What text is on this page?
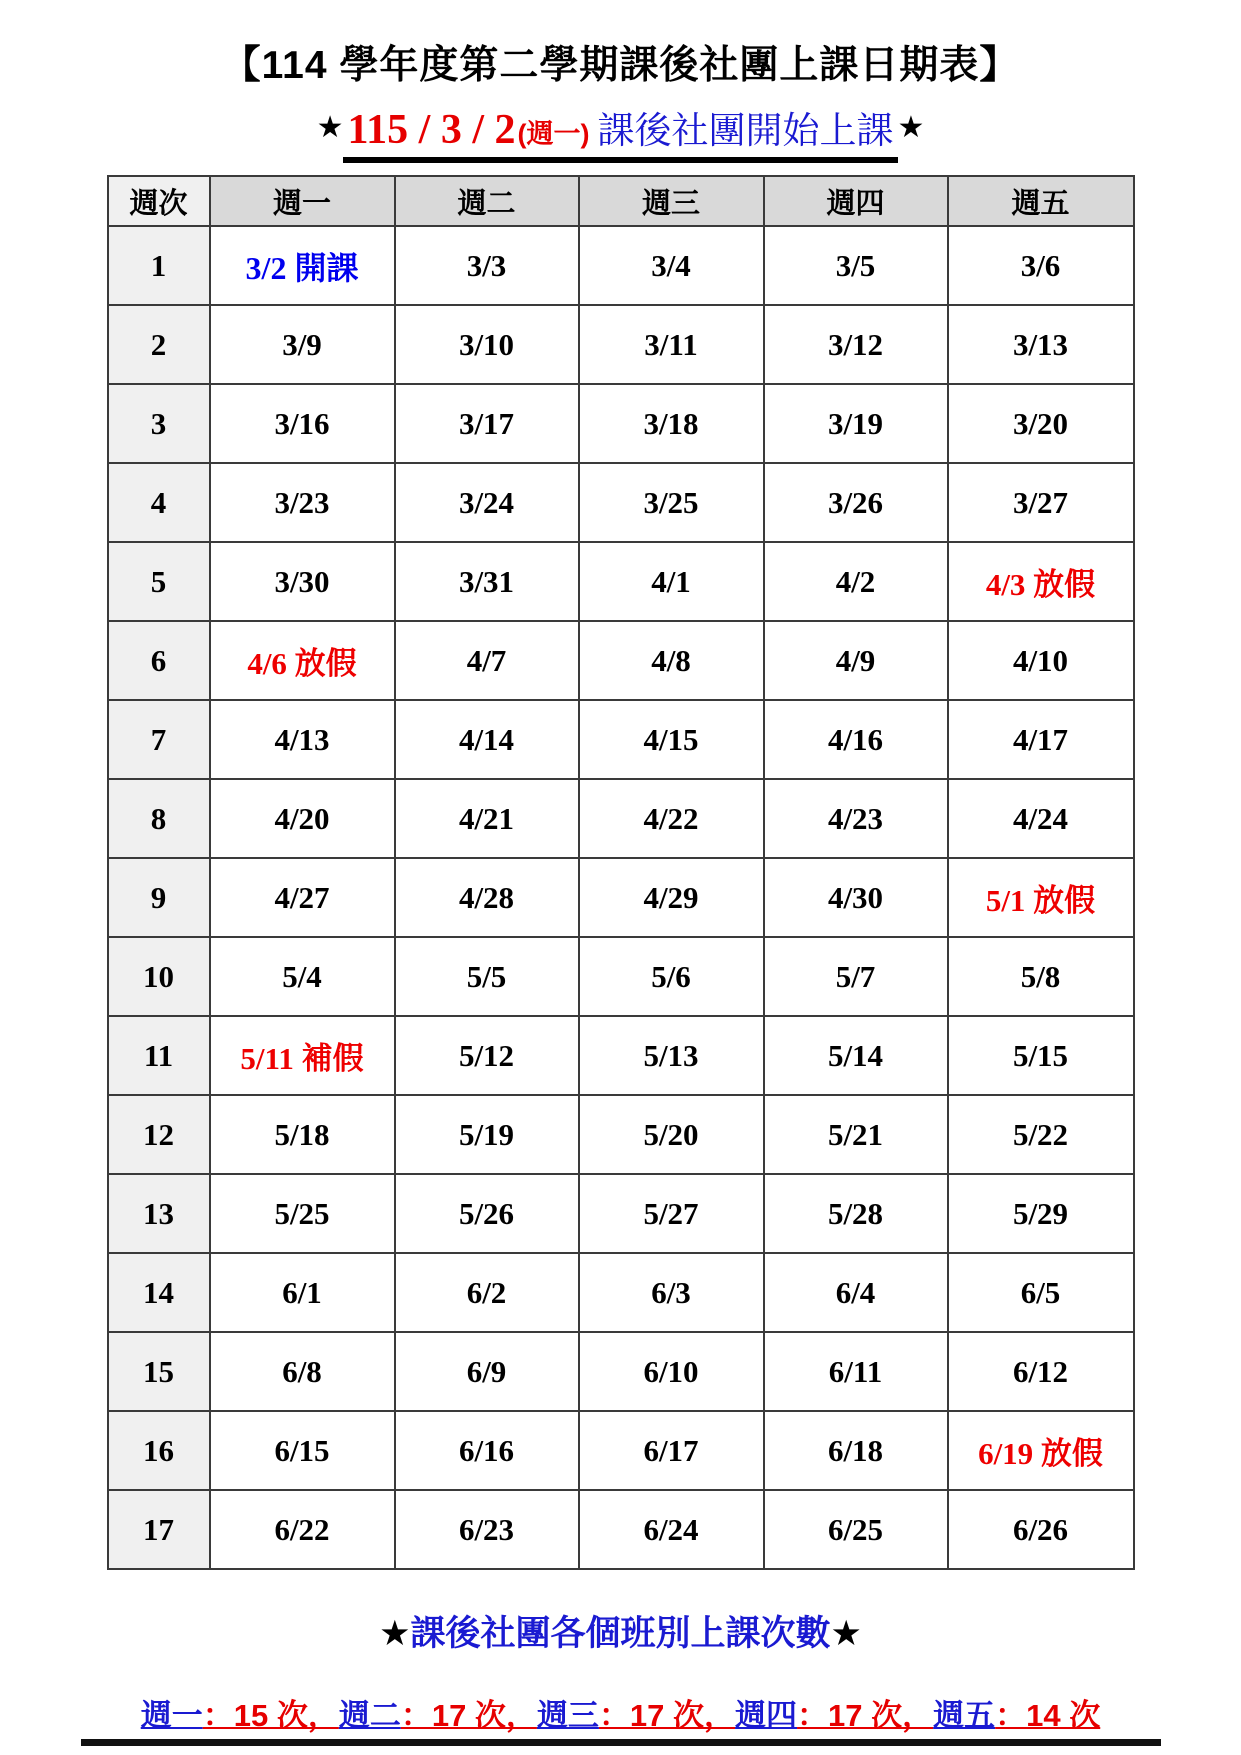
【114 學年度第二學期課後社團上課日期表】
★115 / 3 / 2(週一) 課後社團開始上課 ★
週次	週一	週二	週三	週四	週五
1	3/2 開課	3/3	3/4	3/5	3/6
2	3/9	3/10	3/11	3/12	3/13
3	3/16	3/17	3/18	3/19	3/20
4	3/23	3/24	3/25	3/26	3/27
5	3/30	3/31	4/1	4/2	4/3 放假
6	4/6 放假	4/7	4/8	4/9	4/10
7	4/13	4/14	4/15	4/16	4/17
8	4/20	4/21	4/22	4/23	4/24
9	4/27	4/28	4/29	4/30	5/1 放假
10	5/4	5/5	5/6	5/7	5/8
11	5/11 補假	5/12	5/13	5/14	5/15
12	5/18	5/19	5/20	5/21	5/22
13	5/25	5/26	5/27	5/28	5/29
14	6/1	6/2	6/3	6/4	6/5
15	6/8	6/9	6/10	6/11	6/12
16	6/15	6/16	6/17	6/18	6/19 放假
17	6/22	6/23	6/24	6/25	6/26
★課後社團各個班別上課次數★
週一：15 次，週二：17 次，週三：17 次，週四：17 次，週五：14 次
